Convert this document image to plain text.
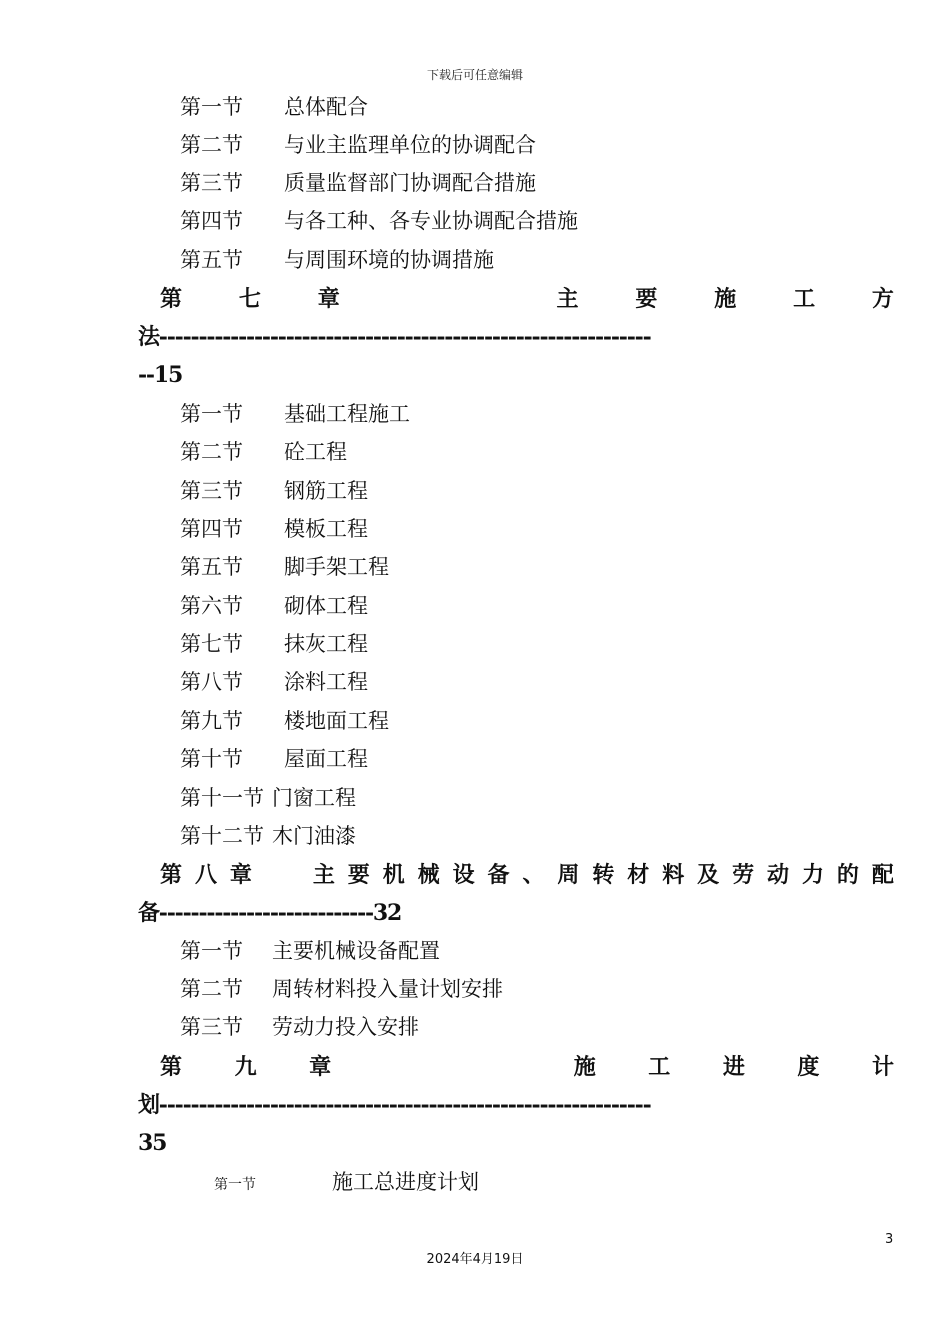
下载后可任意编辑
第一节 总体配合
第二节 与业主监理单位的协调配合
第三节 质量监督部门协调配合措施
第四节 与各工种、各专业协调配合措施
第五节 与周围环境的协调措施
第	七	章	主	要	施	工	方
法--------------------------------------------------------------
--15
第一节 基础工程施工
第二节 砼工程
第三节 钢筋工程
第四节 模板工程
第五节 脚手架工程
第六节 砌体工程
第七节 抹灰工程
第八节 涂料工程
第九节 楼地面工程
第十节 屋面工程
第十一节 门窗工程
第十二节 木门油漆
第 八 章	主 要 机 械 设 备 、 周 转 材 料 及 劳 动 力 的 配
备---------------------------32
第一节 主要机械设备配置
第二节 周转材料投入量计划安排
第三节 劳动力投入安排
第 九 章	施 工 进 度 计
划--------------------------------------------------------------
35
第一节	施工总进度计划
3
2024年4月19日
